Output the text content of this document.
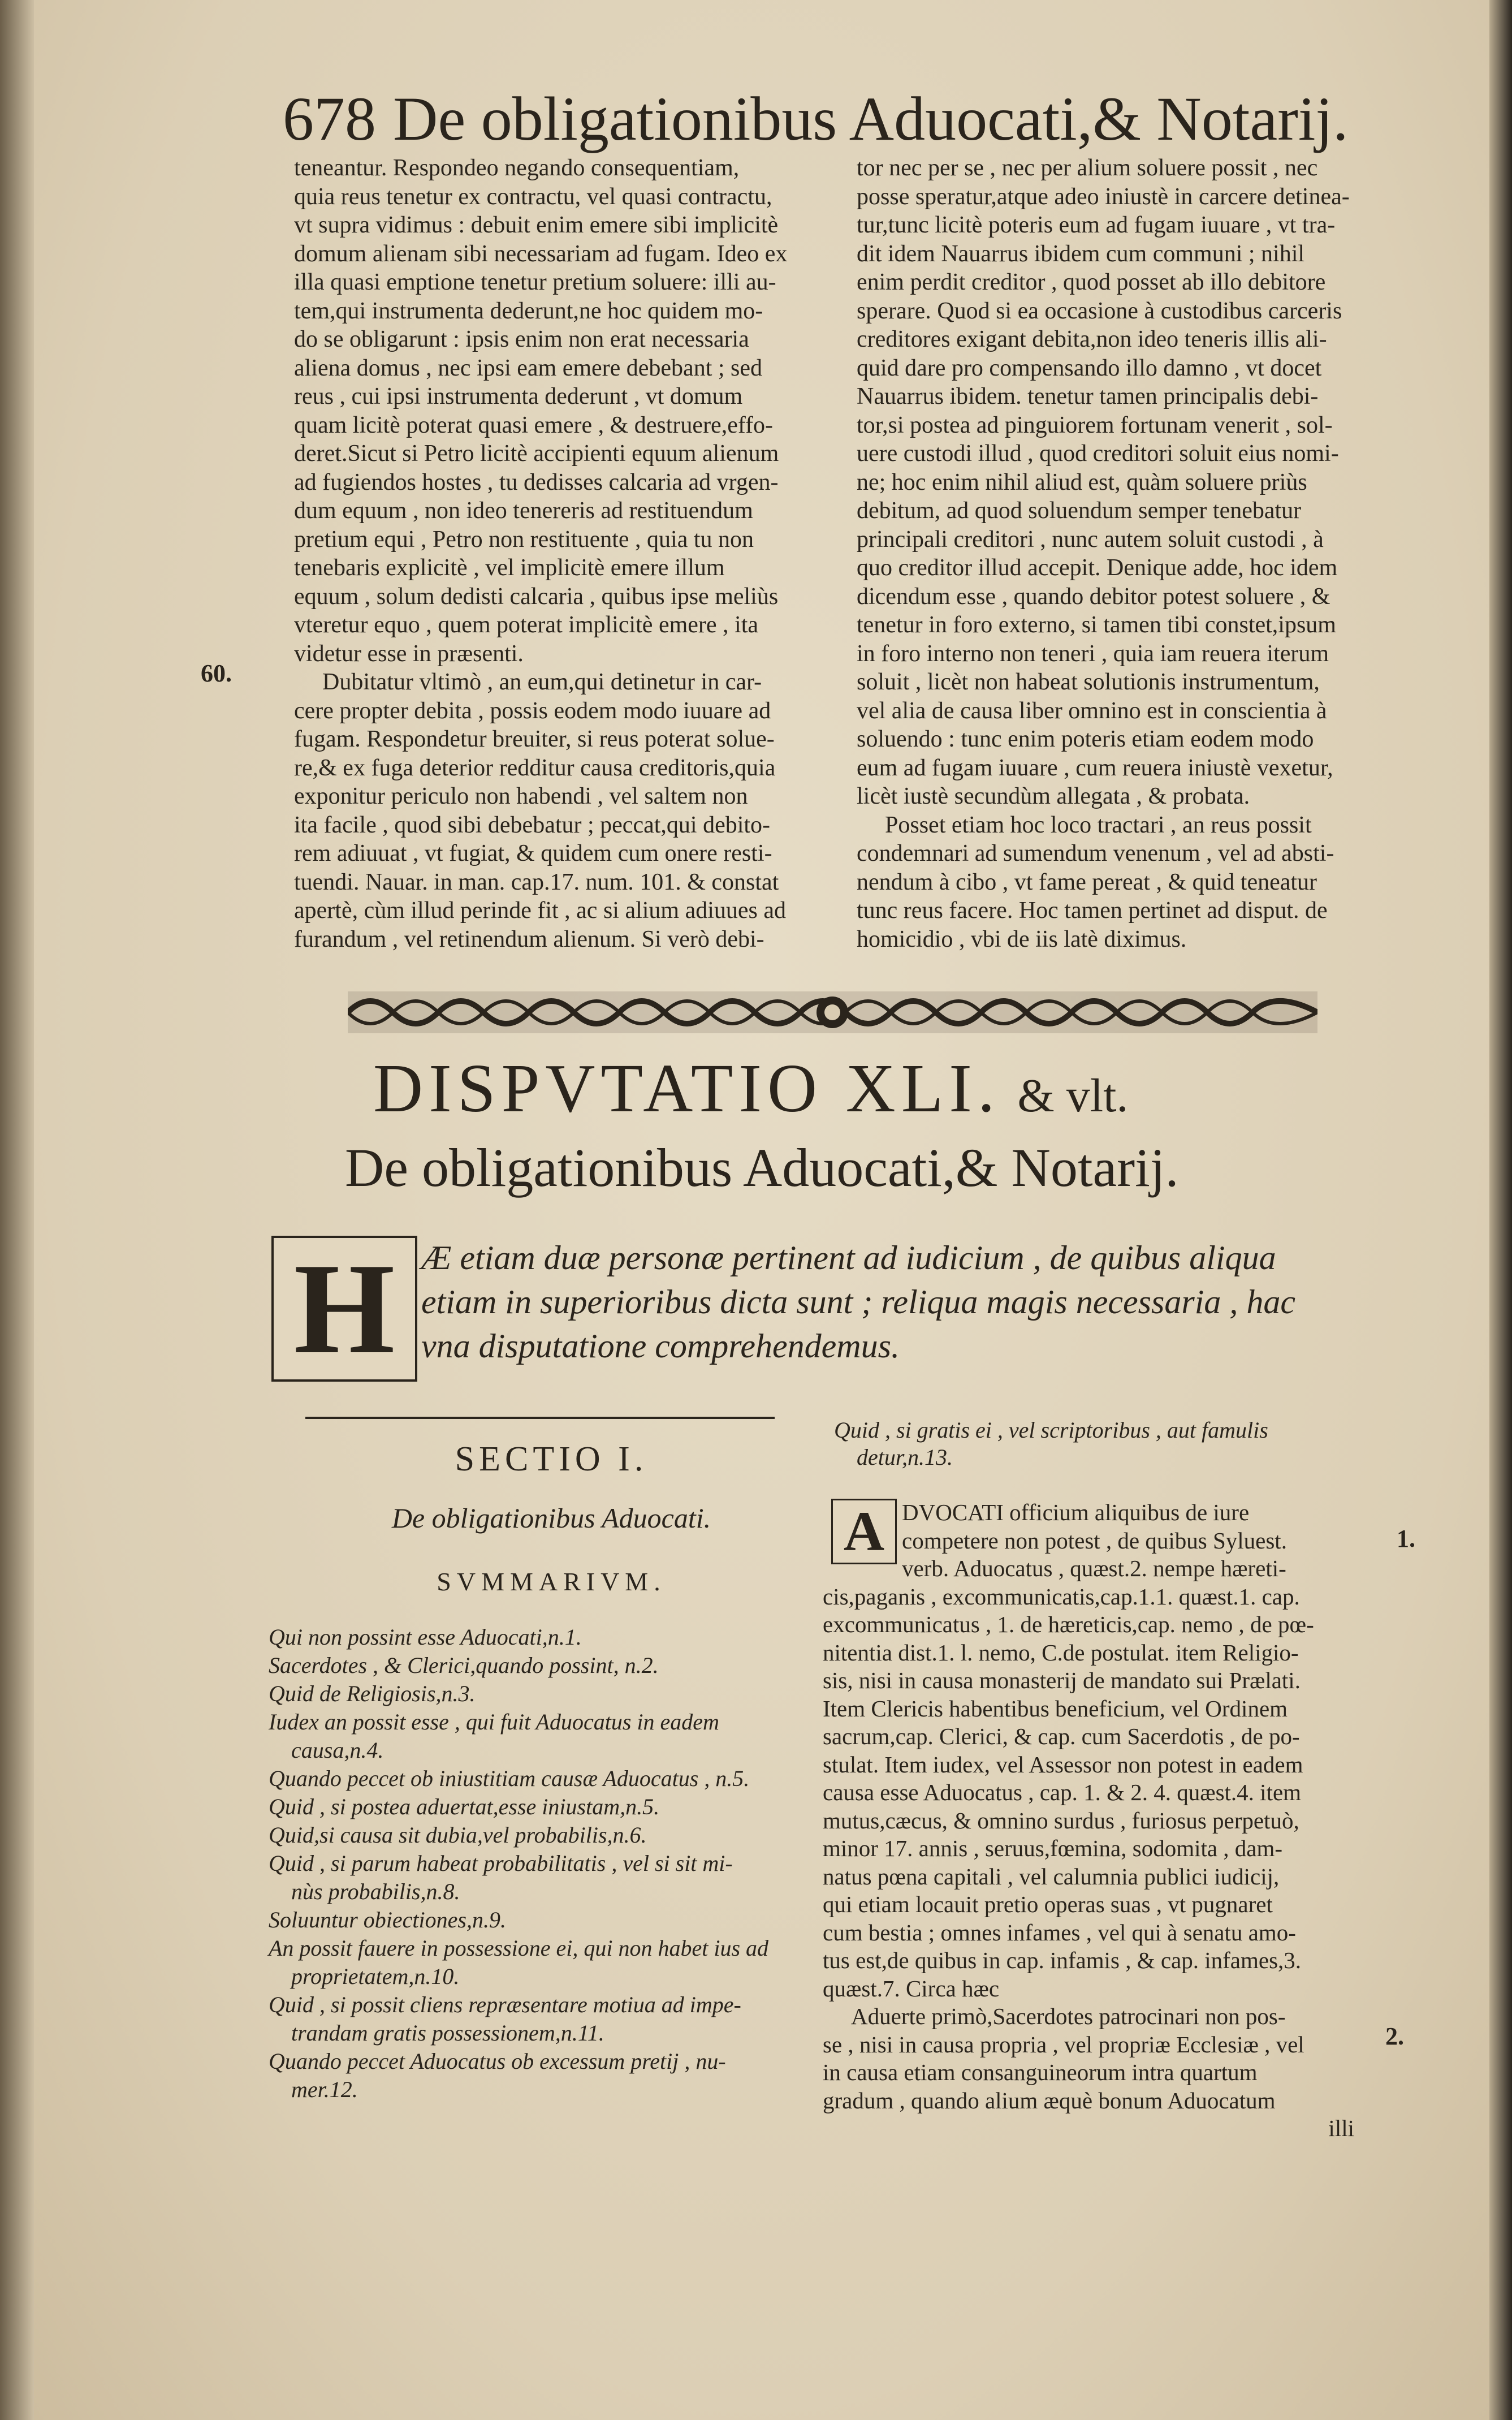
678 De obligationibus Aduocati,& Notarij.
teneantur. Respondeo negando consequentiam,
quia reus tenetur ex contractu, vel quasi contractu,
vt supra vidimus : debuit enim emere sibi implicitè
domum alienam sibi necessariam ad fugam. Ideo ex
illa quasi emptione tenetur pretium soluere: illi au-
tem,qui instrumenta dederunt,ne hoc quidem mo-
do se obligarunt : ipsis enim non erat necessaria
aliena domus , nec ipsi eam emere debebant ; sed
reus , cui ipsi instrumenta dederunt , vt domum
quam licitè poterat quasi emere , & destruere,effo-
deret.Sicut si Petro licitè accipienti equum alienum
ad fugiendos hostes , tu dedisses calcaria ad vrgen-
dum equum , non ideo tenereris ad restituendum
pretium equi , Petro non restituente , quia tu non
tenebaris explicitè , vel implicitè emere illum
equum , solum dedisti calcaria , quibus ipse meliùs
vteretur equo , quem poterat implicitè emere , ita
videtur esse in præsenti.
Dubitatur vltimò , an eum,qui detinetur in car-
cere propter debita , possis eodem modo iuuare ad
fugam. Respondetur breuiter, si reus poterat solue-
re,& ex fuga deterior redditur causa creditoris,quia
exponitur periculo non habendi , vel saltem non
ita facile , quod sibi debebatur ; peccat,qui debito-
rem adiuuat , vt fugiat, & quidem cum onere resti-
tuendi. Nauar. in man. cap.17. num. 101. & constat
apertè, cùm illud perinde fit , ac si alium adiuues ad
furandum , vel retinendum alienum. Si verò debi-
60.
tor nec per se , nec per alium soluere possit , nec
posse speratur,atque adeo iniustè in carcere detinea-
tur,tunc licitè poteris eum ad fugam iuuare , vt tra-
dit idem Nauarrus ibidem cum communi ; nihil
enim perdit creditor , quod posset ab illo debitore
sperare. Quod si ea occasione à custodibus carceris
creditores exigant debita,non ideo teneris illis ali-
quid dare pro compensando illo damno , vt docet
Nauarrus ibidem. tenetur tamen principalis debi-
tor,si postea ad pinguiorem fortunam venerit , sol-
uere custodi illud , quod creditori soluit eius nomi-
ne; hoc enim nihil aliud est, quàm soluere priùs
debitum, ad quod soluendum semper tenebatur
principali creditori , nunc autem soluit custodi , à
quo creditor illud accepit. Denique adde, hoc idem
dicendum esse , quando debitor potest soluere , &
tenetur in foro externo, si tamen tibi constet,ipsum
in foro interno non teneri , quia iam reuera iterum
soluit , licèt non habeat solutionis instrumentum,
vel alia de causa liber omnino est in conscientia à
soluendo : tunc enim poteris etiam eodem modo
eum ad fugam iuuare , cum reuera iniustè vexetur,
licèt iustè secundùm allegata , & probata.
Posset etiam hoc loco tractari , an reus possit
condemnari ad sumendum venenum , vel ad absti-
nendum à cibo , vt fame pereat , & quid teneatur
tunc reus facere. Hoc tamen pertinet ad disput. de
homicidio , vbi de iis latè diximus.
DISPVTATIO XLI. & vlt.
De obligationibus Aduocati,& Notarij.
H Æ etiam duæ personæ pertinent ad iudicium , de quibus aliqua
etiam in superioribus dicta sunt ; reliqua magis necessaria , hac
vna disputatione comprehendemus.
SECTIO I.
De obligationibus Aduocati.
SVMMARIVM.
Qui non possint esse Aduocati,n.1.
Sacerdotes , & Clerici,quando possint, n.2.
Quid de Religiosis,n.3.
Iudex an possit esse , qui fuit Aduocatus in eadem
causa,n.4.
Quando peccet ob iniustitiam causæ Aduocatus , n.5.
Quid , si postea aduertat,esse iniustam,n.5.
Quid,si causa sit dubia,vel probabilis,n.6.
Quid , si parum habeat probabilitatis , vel si sit mi-
nùs probabilis,n.8.
Soluuntur obiectiones,n.9.
An possit fauere in possessione ei, qui non habet ius ad
proprietatem,n.10.
Quid , si possit cliens repræsentare motiua ad impe-
trandam gratis possessionem,n.11.
Quando peccet Aduocatus ob excessum pretij , nu-
mer.12.
Quid , si gratis ei , vel scriptoribus , aut famulis
detur,n.13.
A DVOCATI officium aliquibus de iure
competere non potest , de quibus Syluest.
verb. Aduocatus , quæst.2. nempe hæreti-
cis,paganis , excommunicatis,cap.1.1. quæst.1. cap.
excommunicatus , 1. de hæreticis,cap. nemo , de pœ-
nitentia dist.1. l. nemo, C.de postulat. item Religio-
sis, nisi in causa monasterij de mandato sui Prælati.
Item Clericis habentibus beneficium, vel Ordinem
sacrum,cap. Clerici, & cap. cum Sacerdotis , de po-
stulat. Item iudex, vel Assessor non potest in eadem
causa esse Aduocatus , cap. 1. & 2. 4. quæst.4. item
mutus,cæcus, & omnino surdus , furiosus perpetuò,
minor 17. annis , seruus,fœmina, sodomita , dam-
natus pœna capitali , vel calumnia publici iudicij,
qui etiam locauit pretio operas suas , vt pugnaret
cum bestia ; omnes infames , vel qui à senatu amo-
tus est,de quibus in cap. infamis , & cap. infames,3.
quæst.7. Circa hæc
Aduerte primò,Sacerdotes patrocinari non pos-
se , nisi in causa propria , vel propriæ Ecclesiæ , vel
in causa etiam consanguineorum intra quartum
gradum , quando alium æquè bonum Aduocatum
illi
1.
2.
